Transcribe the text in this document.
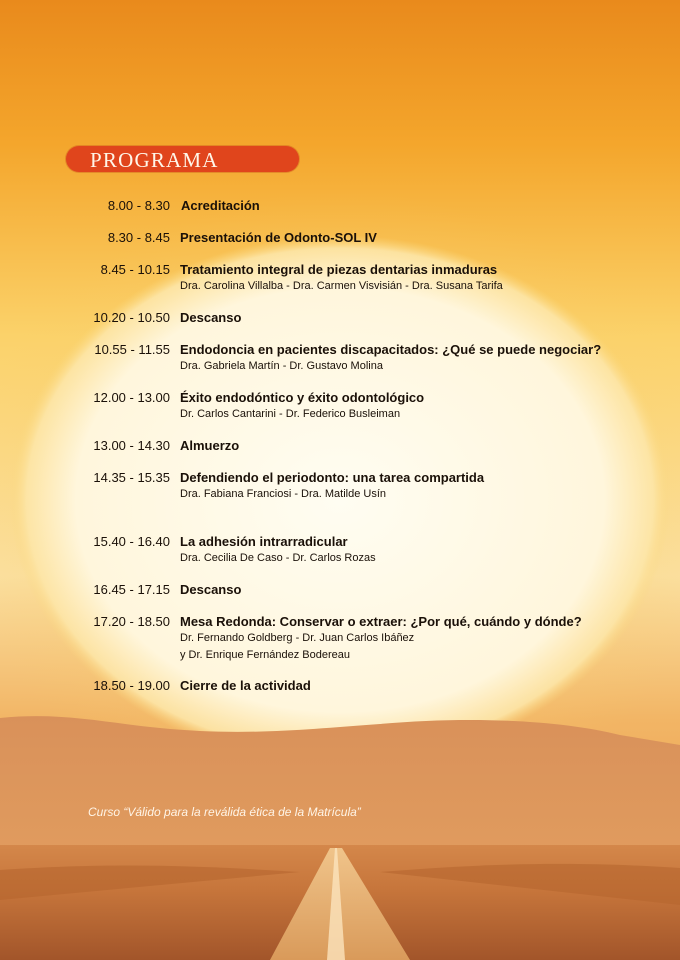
PROGRAMA
8.00 - 8.30 Acreditación
8.30 - 8.45 Presentación de Odonto-SOL IV
8.45 - 10.15 Tratamiento integral de piezas dentarias inmaduras
Dra. Carolina Villalba - Dra. Carmen Visvisián - Dra. Susana Tarifa
10.20 - 10.50 Descanso
10.55 - 11.55 Endodoncia en pacientes discapacitados: ¿Qué se puede negociar?
Dra. Gabriela Martín - Dr. Gustavo Molina
12.00 - 13.00 Éxito endodóntico y éxito odontológico
Dr. Carlos Cantarini - Dr. Federico Busleiman
13.00 - 14.30 Almuerzo
14.35 - 15.35 Defendiendo el periodonto: una tarea compartida
Dra. Fabiana Franciosi - Dra. Matilde Usín
15.40 - 16.40 La adhesión intrarradicular
Dra. Cecilia De Caso - Dr. Carlos Rozas
16.45 - 17.15 Descanso
17.20 - 18.50 Mesa Redonda: Conservar o extraer: ¿Por qué, cuándo y dónde?
Dr. Fernando Goldberg - Dr. Juan Carlos Ibáñez
y Dr. Enrique Fernández Bodereau
18.50 - 19.00 Cierre de la actividad
Curso “Válido para la reválida ética de la Matrícula”
